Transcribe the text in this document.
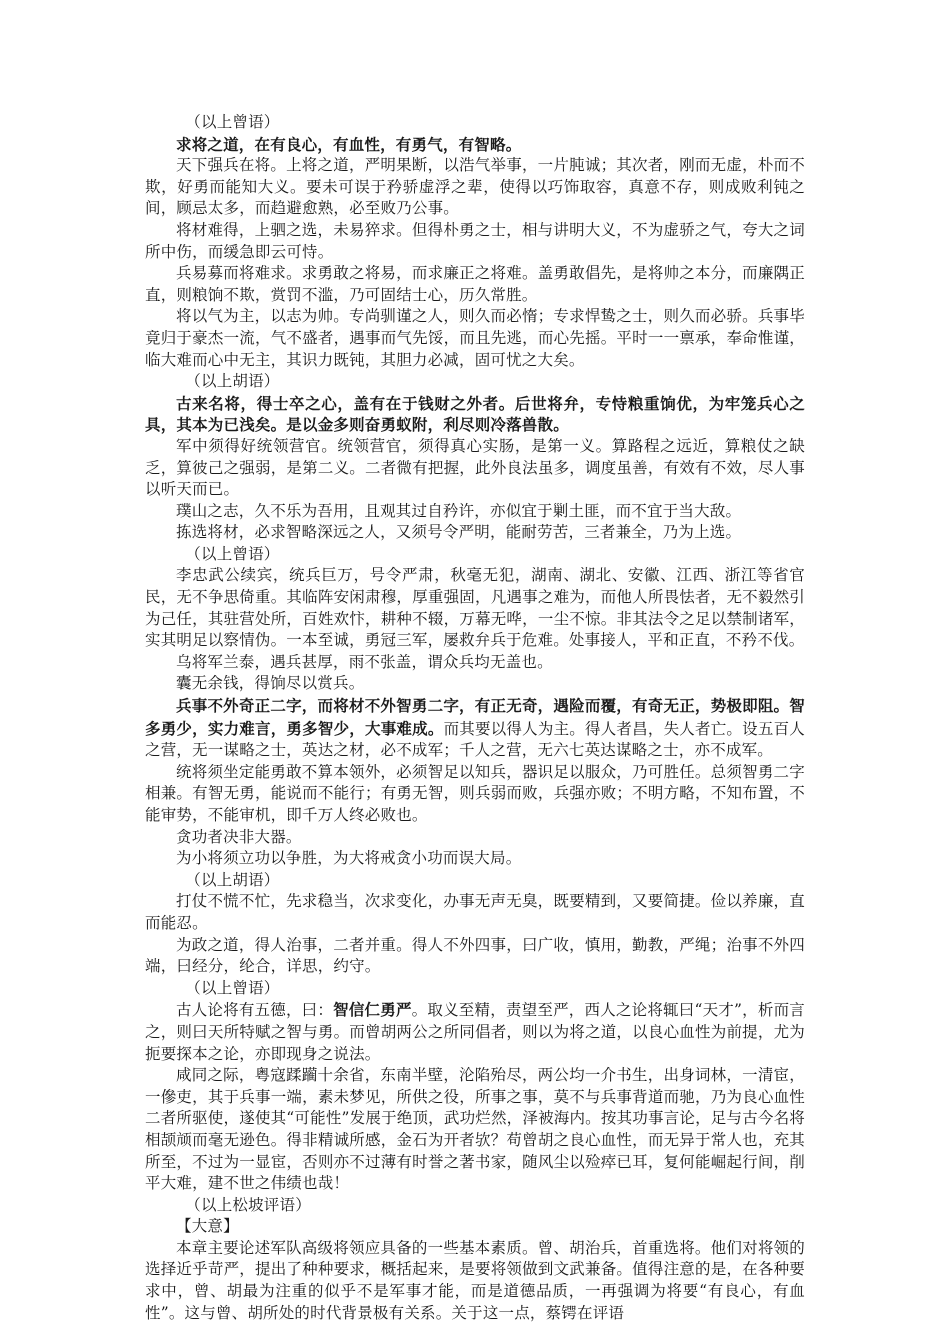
（以上曾语）

求将之道，在有良心，有血性，有勇气，有智略。

天下强兵在将。上将之道，严明果断，以浩气举事，一片肫诚；其次者，刚而无虚，朴而不欺，好勇而能知大义。要未可误于矜骄虚浮之辈，使得以巧饰取容，真意不存，则成败利钝之间，顾忌太多，而趋避愈熟，必至败乃公事。

将材难得，上驷之选，未易猝求。但得朴勇之士，相与讲明大义，不为虚骄之气，夸大之词所中伤，而缓急即云可恃。

兵易募而将难求。求勇敢之将易，而求廉正之将难。盖勇敢倡先，是将帅之本分，而廉隅正直，则粮饷不欺，赏罚不滥，乃可固结士心，历久常胜。

将以气为主，以志为帅。专尚驯谨之人，则久而必惰；专求悍鸷之士，则久而必骄。兵事毕竟归于豪杰一流，气不盛者，遇事而气先馁，而且先逃，而心先摇。平时一一禀承，奉命惟谨，临大难而心中无主，其识力既钝，其胆力必减，固可忧之大矣。

（以上胡语）

古来名将，得士卒之心，盖有在于钱财之外者。后世将弁，专恃粮重饷优，为牢笼兵心之具，其本为已浅矣。是以金多则奋勇蚁附，利尽则冷落兽散。

军中须得好统领营官。统领营官，须得真心实肠，是第一义。算路程之远近，算粮仗之缺乏，算彼己之强弱，是第二义。二者微有把握，此外良法虽多，调度虽善，有效有不效，尽人事以听天而已。

璞山之志，久不乐为吾用，且观其过自矜许，亦似宜于剿土匪，而不宜于当大敌。

拣选将材，必求智略深远之人，又须号令严明，能耐劳苦，三者兼全，乃为上选。

（以上曾语）

李忠武公续宾，统兵巨万，号令严肃，秋毫无犯，湖南、湖北、安徽、江西、浙江等省官民，无不争思倚重。其临阵安闲肃穆，厚重强固，凡遇事之难为，而他人所畏怯者，无不毅然引为己任，其驻营处所，百姓欢忭，耕种不辍，万幕无哗，一尘不惊。非其法令之足以禁制诸军，实其明足以察情伪。一本至诚，勇冠三军，屡救弁兵于危难。处事接人，平和正直，不矜不伐。

乌将军兰泰，遇兵甚厚，雨不张盖，谓众兵均无盖也。

囊无余钱，得饷尽以赏兵。

兵事不外奇正二字，而将材不外智勇二字，有正无奇，遇险而覆，有奇无正，势极即阻。智多勇少，实力难言，勇多智少，大事难成。而其要以得人为主。得人者昌，失人者亡。设五百人之营，无一谋略之士，英达之材，必不成军；千人之营，无六七英达谋略之士，亦不成军。

统将须坐定能勇敢不算本领外，必须智足以知兵，器识足以服众，乃可胜任。总须智勇二字相兼。有智无勇，能说而不能行；有勇无智，则兵弱而败，兵强亦败；不明方略，不知布置，不能审势，不能审机，即千万人终必败也。

贪功者决非大器。

为小将须立功以争胜，为大将戒贪小功而误大局。

（以上胡语）

打仗不慌不忙，先求稳当，次求变化，办事无声无臭，既要精到，又要简捷。俭以养廉，直而能忍。

为政之道，得人治事，二者并重。得人不外四事，曰广收，慎用，勤教，严绳；治事不外四端，曰经分，纶合，详思，约守。

（以上曾语）

古人论将有五德，曰：智信仁勇严。取义至精，责望至严，西人之论将辄曰“天才”，析而言之，则曰天所特赋之智与勇。而曾胡两公之所同倡者，则以为将之道，以良心血性为前提，尤为扼要探本之论，亦即现身之说法。

咸同之际，粤寇蹂躏十余省，东南半壁，沦陷殆尽，两公均一介书生，出身词林，一清宦，一傪吏，其于兵事一端，素未梦见，所供之役，所事之事，莫不与兵事背道而驰，乃为良心血性二者所驱使，遂使其“可能性”发展于绝顶，武功烂然，泽被海内。按其功事言论，足与古今名将相颉颃而毫无逊色。得非精诚所感，金石为开者欤？苟曾胡之良心血性，而无异于常人也，充其所至，不过为一显宦，否则亦不过薄有时誉之著书家，随风尘以殓瘁已耳，复何能崛起行间，削平大难，建不世之伟绩也哉！

（以上松坡评语）

【大意】

本章主要论述军队高级将领应具备的一些基本素质。曾、胡治兵，首重选将。他们对将领的选择近乎苛严，提出了种种要求，概括起来，是要将领做到文武兼备。值得注意的是，在各种要求中，曾、胡最为注重的似乎不是军事才能，而是道德品质，一再强调为将要“有良心，有血性”。这与曾、胡所处的时代背景极有关系。关于这一点，蔡锷在评语
